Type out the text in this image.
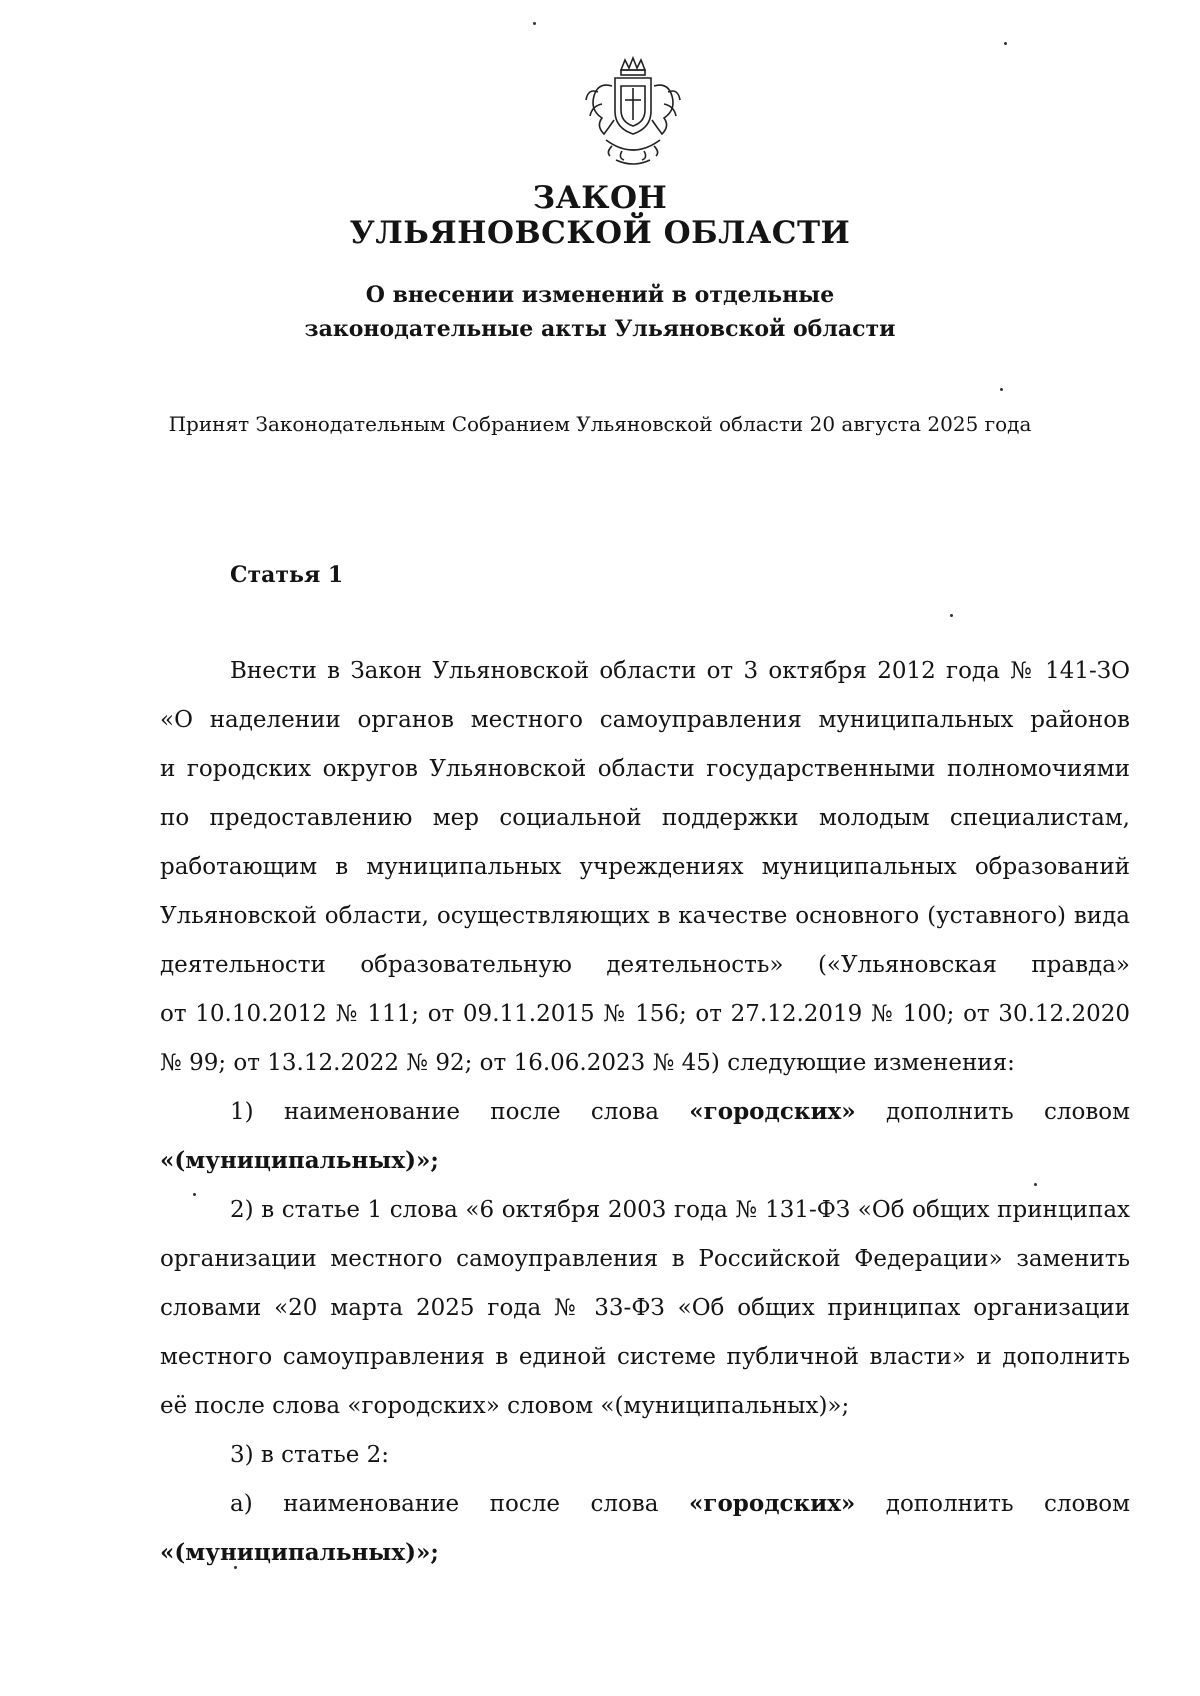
ЗАКОН
УЛЬЯНОВСКОЙ ОБЛАСТИ
О внесении изменений в отдельные
законодательные акты Ульяновской области
Принят Законодательным Собранием Ульяновской области 20 августа 2025 года
Статья 1
Внести в Закон Ульяновской области от 3 октября 2012 года № 141-ЗО
«О наделении органов местного самоуправления муниципальных районов
и городских округов Ульяновской области государственными полномочиями
по предоставлению мер социальной поддержки молодым специалистам,
работающим в муниципальных учреждениях муниципальных образований
Ульяновской области, осуществляющих в качестве основного (уставного) вида
деятельности образовательную деятельность» («Ульяновская правда»
от 10.10.2012 № 111; от 09.11.2015 № 156; от 27.12.2019 № 100; от 30.12.2020
№ 99; от 13.12.2022 № 92; от 16.06.2023 № 45) следующие изменения:
1) наименование после слова «городских» дополнить словом
«(муниципальных)»;
2) в статье 1 слова «6 октября 2003 года № 131-ФЗ «Об общих принципах
организации местного самоуправления в Российской Федерации» заменить
словами «20 марта 2025 года № 33-ФЗ «Об общих принципах организации
местного самоуправления в единой системе публичной власти» и дополнить
её после слова «городских» словом «(муниципальных)»;
3) в статье 2:
а) наименование после слова «городских» дополнить словом
«(муниципальных)»;
